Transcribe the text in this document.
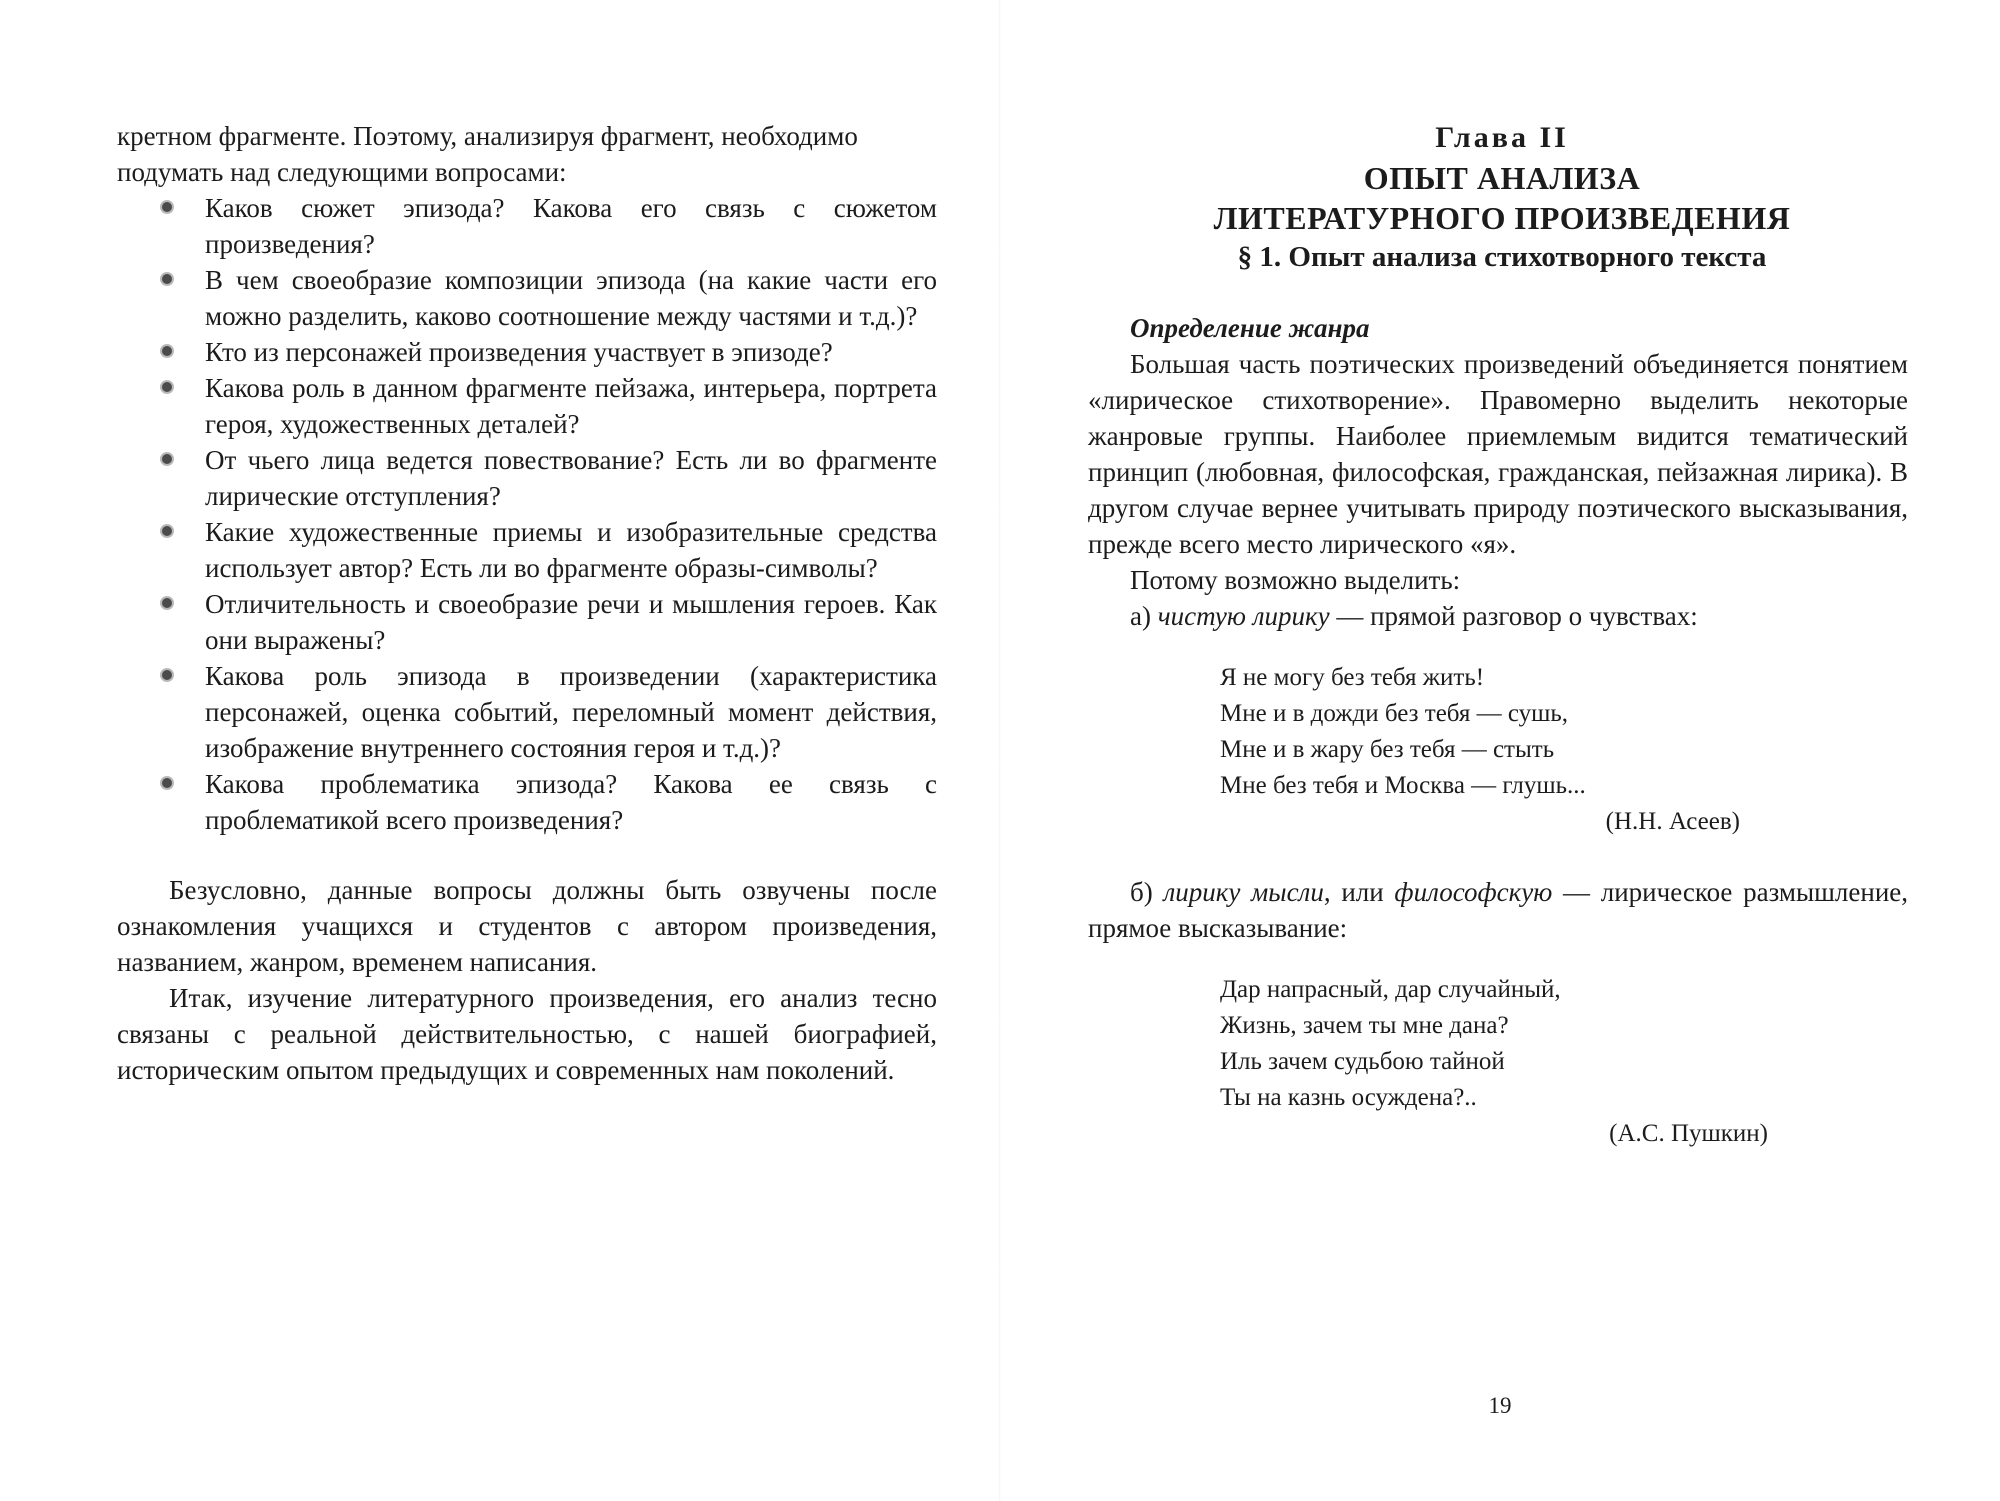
кретном фрагменте. Поэтому, анализируя фрагмент, необходимо

подумать над следующими вопросами:

Каков сюжет эпизода? Какова его связь с сюжетом произведения?
В чем своеобразие композиции эпизода (на какие части его можно разделить, каково соотношение между частями и т.д.)?
Кто из персонажей произведения участвует в эпизоде?
Какова роль в данном фрагменте пейзажа, интерьера, портрета героя, художественных деталей?
От чьего лица ведется повествование? Есть ли во фрагменте лирические отступления?
Какие художественные приемы и изобразительные средства использует автор? Есть ли во фрагменте образы-символы?
Отличительность и своеобразие речи и мышления героев. Как они выражены?
Какова роль эпизода в произведении (характеристика персонажей, оценка событий, переломный момент действия, изображение внутреннего состояния героя и т.д.)?
Какова проблематика эпизода? Какова ее связь с проблематикой всего произведения?

Безусловно, данные вопросы должны быть озвучены после ознакомления учащихся и студентов с автором произведения, названием, жанром, временем написания.

Итак, изучение литературного произведения, его анализ тесно связаны с реальной действительностью, с нашей биографией, историческим опытом предыдущих и современных нам поколений.

Глава II

ОПЫТ АНАЛИЗА
ЛИТЕРАТУРНОГО ПРОИЗВЕДЕНИЯ

§ 1. Опыт анализа стихотворного текста

Определение жанра

Большая часть поэтических произведений объединяется понятием «лирическое стихотворение». Правомерно выделить некоторые жанровые группы. Наиболее приемлемым видится тематический принцип (любовная, философская, гражданская, пейзажная лирика). В другом случае вернее учитывать природу поэтического высказывания, прежде всего место лирического «я».

Потому возможно выделить:

а) чистую лирику — прямой разговор о чувствах:

Я не могу без тебя жить!
Мне и в дожди без тебя — сушь,
Мне и в жару без тебя — стыть
Мне без тебя и Москва — глушь...

(Н.Н. Асеев)

б) лирику мысли, или философскую — лирическое размышление, прямое высказывание:

Дар напрасный, дар случайный,
Жизнь, зачем ты мне дана?
Иль зачем судьбою тайной
Ты на казнь осуждена?..

(А.С. Пушкин)

19
